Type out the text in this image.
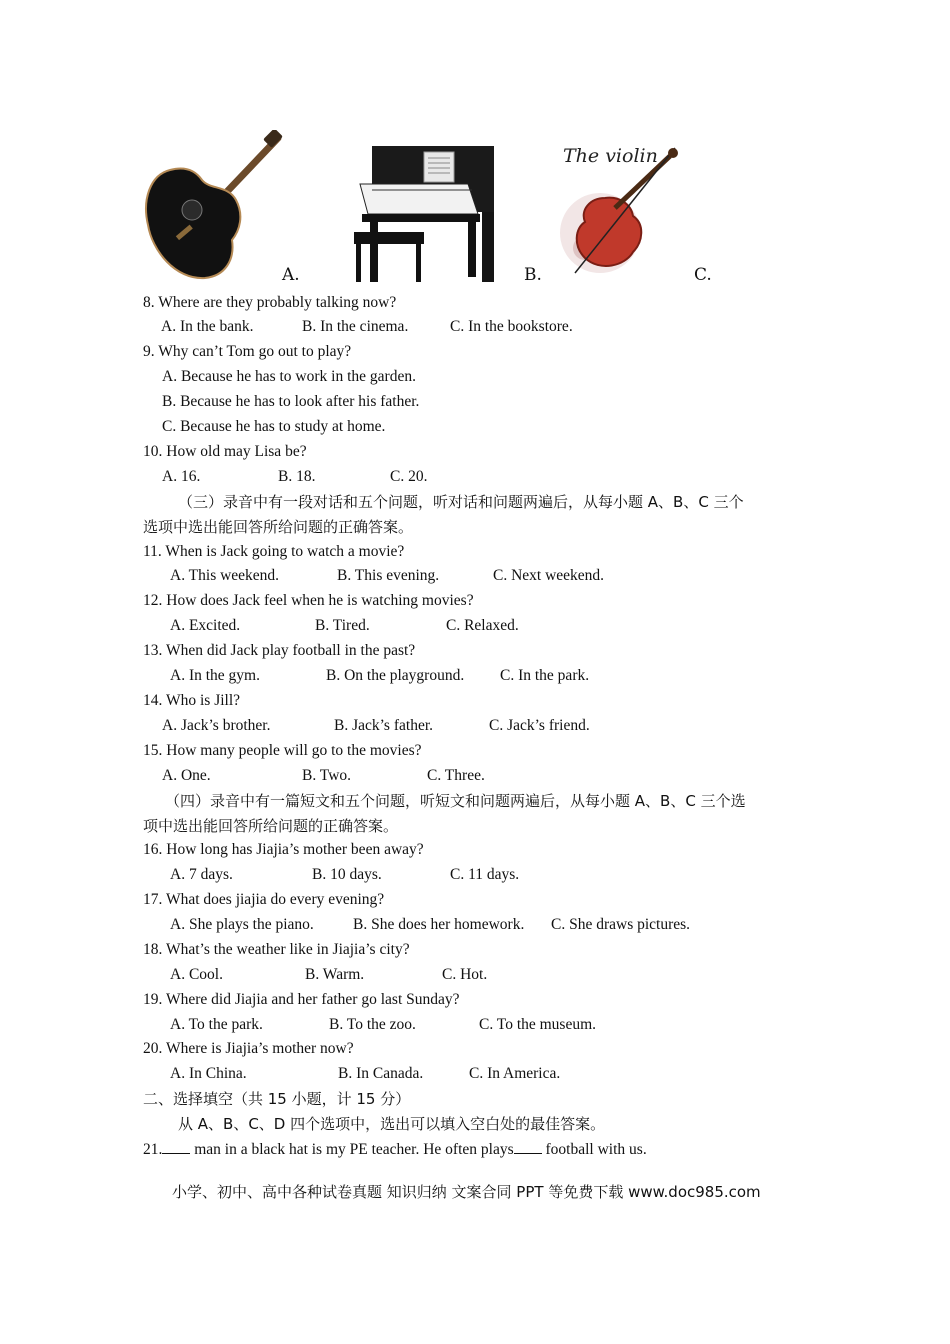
A.	B.
The violin
C.
8. Where are they probably talking now?
A. In the bank.	B. In the cinema.	C. In the bookstore.
9. Why can’t Tom go out to play?
A. Because he has to work in the garden.
B. Because he has to look after his father.
C. Because he has to study at home.
10. How old may Lisa be?
A. 16.	B. 18.	C. 20.
（三）录音中有一段对话和五个问题，听对话和问题两遍后，从每小题 A、B、C 三个
选项中选出能回答所给问题的正确答案。
11. When is Jack going to watch a movie?
A. This weekend.	B. This evening.	C. Next weekend.
12. How does Jack feel when he is watching movies?
A. Excited.	B. Tired.	C. Relaxed.
13. When did Jack play football in the past?
A. In the gym.	B. On the playground. C. In the park.
14. Who is Jill?
A. Jack’s brother.	B. Jack’s father.	C. Jack’s friend.
15. How many people will go to the movies?
A. One.	B. Two.	C. Three.
（四）录音中有一篇短文和五个问题，听短文和问题两遍后，从每小题 A、B、C 三个选
项中选出能回答所给问题的正确答案。
16. How long has Jiajia’s mother been away?
A. 7 days.	B. 10 days.	C. 11 days.
17. What does jiajia do every evening?
A. She plays the piano.	B. She does her homework. C. She draws pictures.
18. What’s the weather like in Jiajia’s city?
A. Cool.	B. Warm.	C. Hot.
19. Where did Jiajia and her father go last Sunday?
A. To the park.	B. To the zoo.	C. To the museum.
20. Where is Jiajia’s mother now?
A. In China.	B. In Canada.	C. In America.
二、选择填空（共 15 小题，计 15 分）
从 A、B、C、D 四个选项中，选出可以填入空白处的最佳答案。
21. man in a black hat is my PE teacher. He often plays football with us.
小学、初中、高中各种试卷真题 知识归纳 文案合同 PPT 等免费下载 www.doc985.com
